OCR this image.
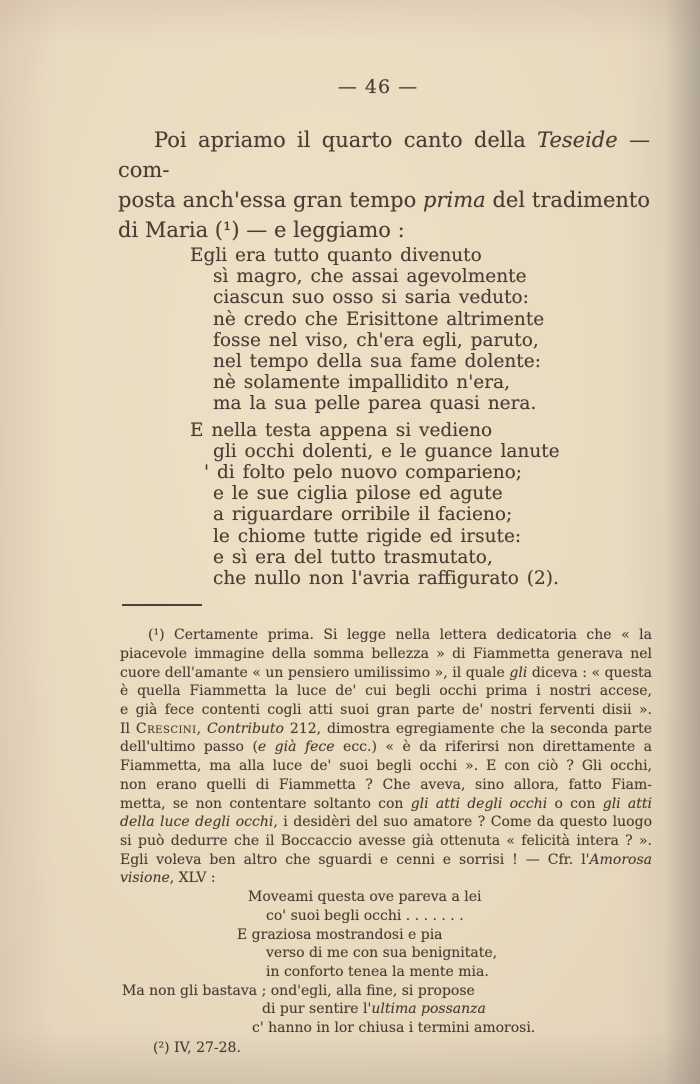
— 46 —
Poi apriamo il quarto canto della Teseide — com-
posta anch'essa gran tempo prima del tradimento
di Maria (¹) — e leggiamo :
Egli era tutto quanto divenuto
sì magro, che assai agevolmente
ciascun suo osso si saria veduto:
nè credo che Erisittone altrimente
fosse nel viso, ch'era egli, paruto,
nel tempo della sua fame dolente:
nè solamente impallidito n'era,
ma la sua pelle parea quasi nera.
E nella testa appena si vedieno
gli occhi dolenti, e le guance lanute
' di folto pelo nuovo comparieno;
e le sue ciglia pilose ed agute
a riguardare orribile il facieno;
le chiome tutte rigide ed irsute:
e sì era del tutto trasmutato,
che nullo non l'avria raffigurato (2).
(¹) Certamente prima. Si legge nella lettera dedicatoria che « la
piacevole immagine della somma bellezza » di Fiammetta generava nel
cuore dell'amante « un pensiero umilissimo », il quale gli diceva : « questa
è quella Fiammetta la luce de' cui begli occhi prima i nostri accese,
e già fece contenti cogli atti suoi gran parte de' nostri ferventi disii ».
Il Crescini, Contributo 212, dimostra egregiamente che la seconda parte
dell'ultimo passo (e già fece ecc.) « è da riferirsi non direttamente a
Fiammetta, ma alla luce de' suoi begli occhi ». E con ciò ? Gli occhi,
non erano quelli di Fiammetta ? Che aveva, sino allora, fatto Fiam-
metta, se non contentare soltanto con gli atti degli occhi o con gli atti
della luce degli occhi, i desidèri del suo amatore ? Come da questo luogo
si può dedurre che il Boccaccio avesse già ottenuta « felicità intera ? ».
Egli voleva ben altro che sguardi e cenni e sorrisi ! — Cfr. l'Amorosa
visione, XLV :
Moveami questa ove pareva a lei
co' suoi begli occhi . . . . . . .
E graziosa mostrandosi e pia
verso di me con sua benignitate,
in conforto tenea la mente mia.
Ma non gli bastava ; ond'egli, alla fine, si propose
di pur sentire l'ultima possanza
c' hanno in lor chiusa i termini amorosi.
(²) IV, 27-28.
